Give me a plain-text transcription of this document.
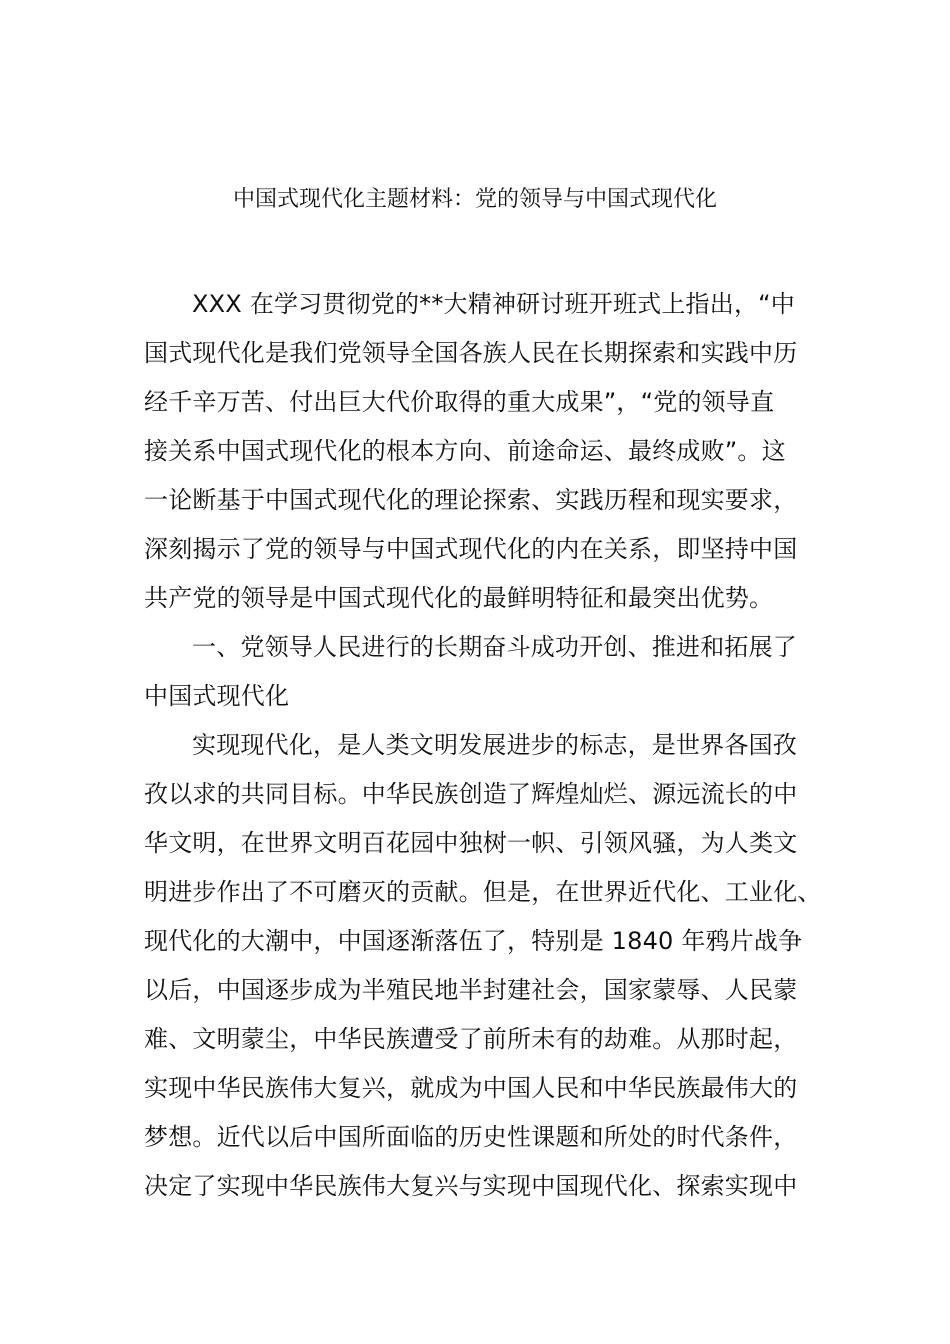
中国式现代化主题材料：党的领导与中国式现代化
XXX 在学习贯彻党的**大精神研讨班开班式上指出，“中
国式现代化是我们党领导全国各族人民在长期探索和实践中历
经千辛万苦、付出巨大代价取得的重大成果”，“党的领导直
接关系中国式现代化的根本方向、前途命运、最终成败”。这
一论断基于中国式现代化的理论探索、实践历程和现实要求，
深刻揭示了党的领导与中国式现代化的内在关系，即坚持中国
共产党的领导是中国式现代化的最鲜明特征和最突出优势。
一、党领导人民进行的长期奋斗成功开创、推进和拓展了
中国式现代化
实现现代化，是人类文明发展进步的标志，是世界各国孜
孜以求的共同目标。中华民族创造了辉煌灿烂、源远流长的中
华文明，在世界文明百花园中独树一帜、引领风骚，为人类文
明进步作出了不可磨灭的贡献。但是，在世界近代化、工业化、
现代化的大潮中，中国逐渐落伍了，特别是 1840 年鸦片战争
以后，中国逐步成为半殖民地半封建社会，国家蒙辱、人民蒙
难、文明蒙尘，中华民族遭受了前所未有的劫难。从那时起，
实现中华民族伟大复兴，就成为中国人民和中华民族最伟大的
梦想。近代以后中国所面临的历史性课题和所处的时代条件，
决定了实现中华民族伟大复兴与实现中国现代化、探索实现中
